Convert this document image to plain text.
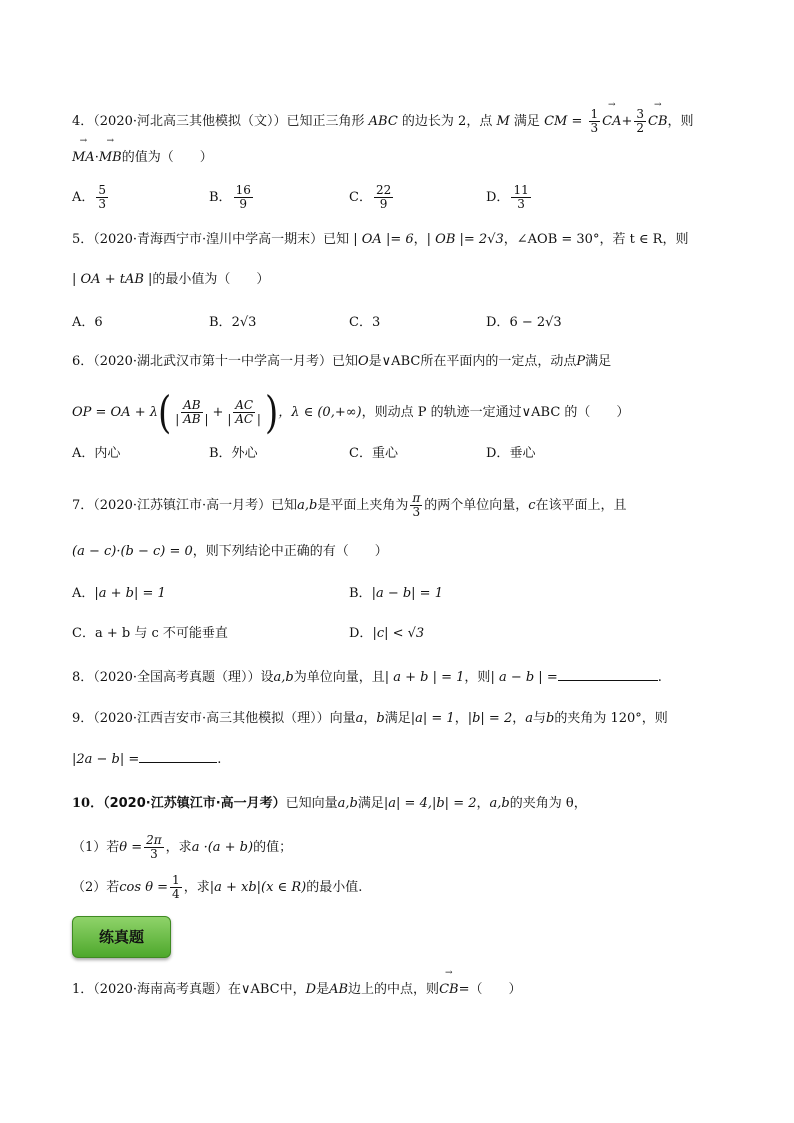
4．（2020·河北高三其他模拟（文））已知正三角形 ABC 的边长为 2，点 M 满足 CM = $\frac{1}{3}$
→ $CA+ \frac{3}{2}$
→ CB，则
→ MA·→ MB的值为（　　）
A． $\frac{5}{3}$	B． $\frac{16}{9}$	C． $\frac{22}{9}$	D． $\frac{11}{3}$
5．（2020·青海西宁市·湟川中学高一期末）已知 | OA |= 6，| OB |= 2√3，∠AOB = 30°，若 t ∈ R，则
| OA + tAB |的最小值为（　　）
A．6	B．2√3	C．3	D．6 − 2√3
6．（2020·湖北武汉市第十一中学高一月考）已知O是∨ABC所在平面内的一定点，动点P满足
OP = OA + $\lambda( \frac{AB}{| AB |} + \frac{AC}{| AC |}$ )，λ ∈ (0,+∞)，则动点 P 的轨迹一定通过∨ABC 的（　　）
A．内心	B．外心	C．重心	D．垂心
7．（2020·江苏镇江市·高一月考）已知a,b是平面上夹角为 $\frac{\pi}{3}$ 的两个单位向量，c在该平面上，且
(a − c)·(b − c) = 0，则下列结论中正确的有（　　）
A．|a + b| = 1	B．|a − b| = 1
C．a + b 与 c 不可能垂直	D．|c| < √3
8．（2020·全国高考真题（理））设a,b为单位向量，且| a + b | = 1，则| a − b | =	.
9．（2020·江西吉安市·高三其他模拟（理））向量a，b满足|a| = 1，|b| = 2，a与b的夹角为 120°，则
|2a − b| =	.
10．（2020·江苏镇江市·高一月考）已知向量a,b满足|a| = 4,|b| = 2，a,b的夹角为 θ，
（1）若$\theta = \frac{2\pi}{3}$ ，求a ·(a + b)的值；
（2）若$\cos \theta = \frac{1}{4}$ ，求|a + xb|(x ∈ R)的最小值.
练真题
1．（2020·海南高考真题）在∨ABC中，D是AB边上的中点，则→ CB=（　　）
